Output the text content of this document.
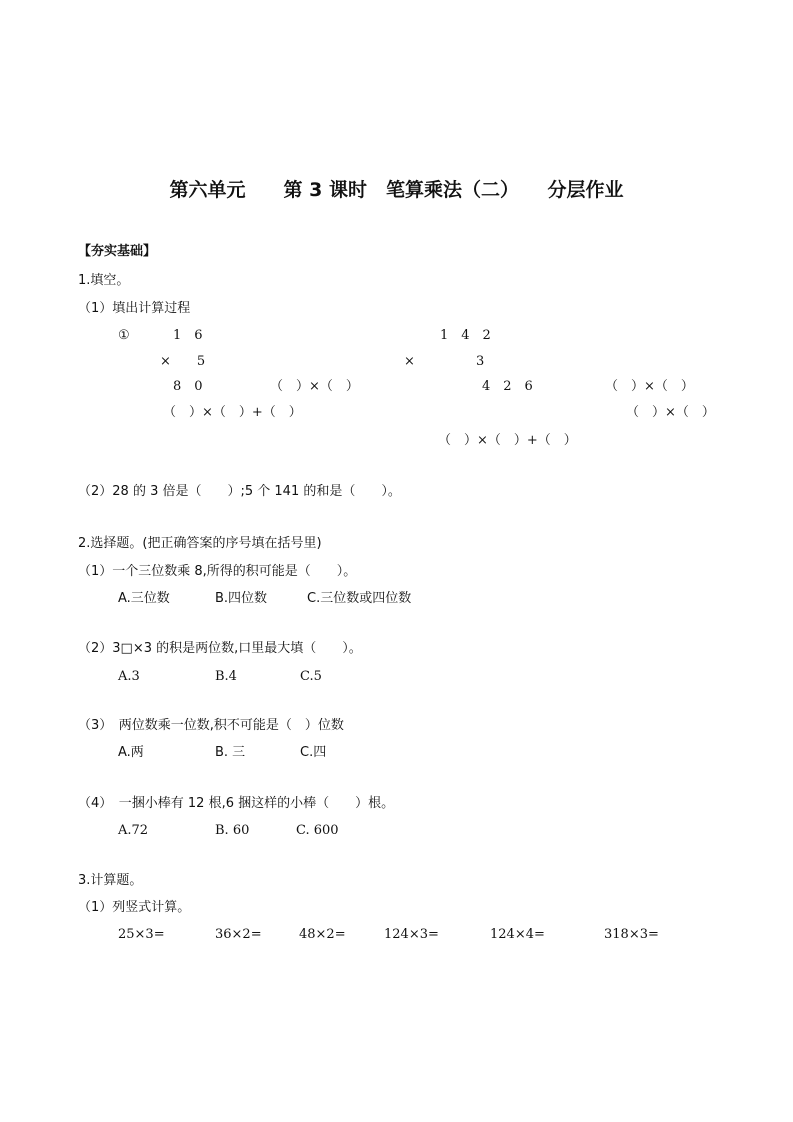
第六单元　　第 3 课时　笔算乘法（二）　　分层作业
【夯实基础】
1.填空。
（1）填出计算过程
①	1　6
×　　5
8　0	（　）×（　）
（　）×（　）+（　）
1　4　2
×	3
4　2　6	（　）×（　）
（　）×（　）
（　）×（　）+（　）
（2）28 的 3 倍是（　　）;5 个 141 的和是（　　）。
2.选择题。(把正确答案的序号填在括号里)
（1）一个三位数乘 8,所得的积可能是（　　）。
A.三位数	B.四位数	C.三位数或四位数
（2）3□×3 的积是两位数,口里最大填（　　）。
A.3	B.4	C.5
（3）　两位数乘一位数,积不可能是（　）位数
A.两	B. 三	C.四
（4）　一捆小棒有 12 根,6 捆这样的小棒（　　）根。
A.72	B. 60	C. 600
3.计算题。
（1）列竖式计算。
25×3=	36×2=	48×2=	124×3=	124×4=	318×3=
